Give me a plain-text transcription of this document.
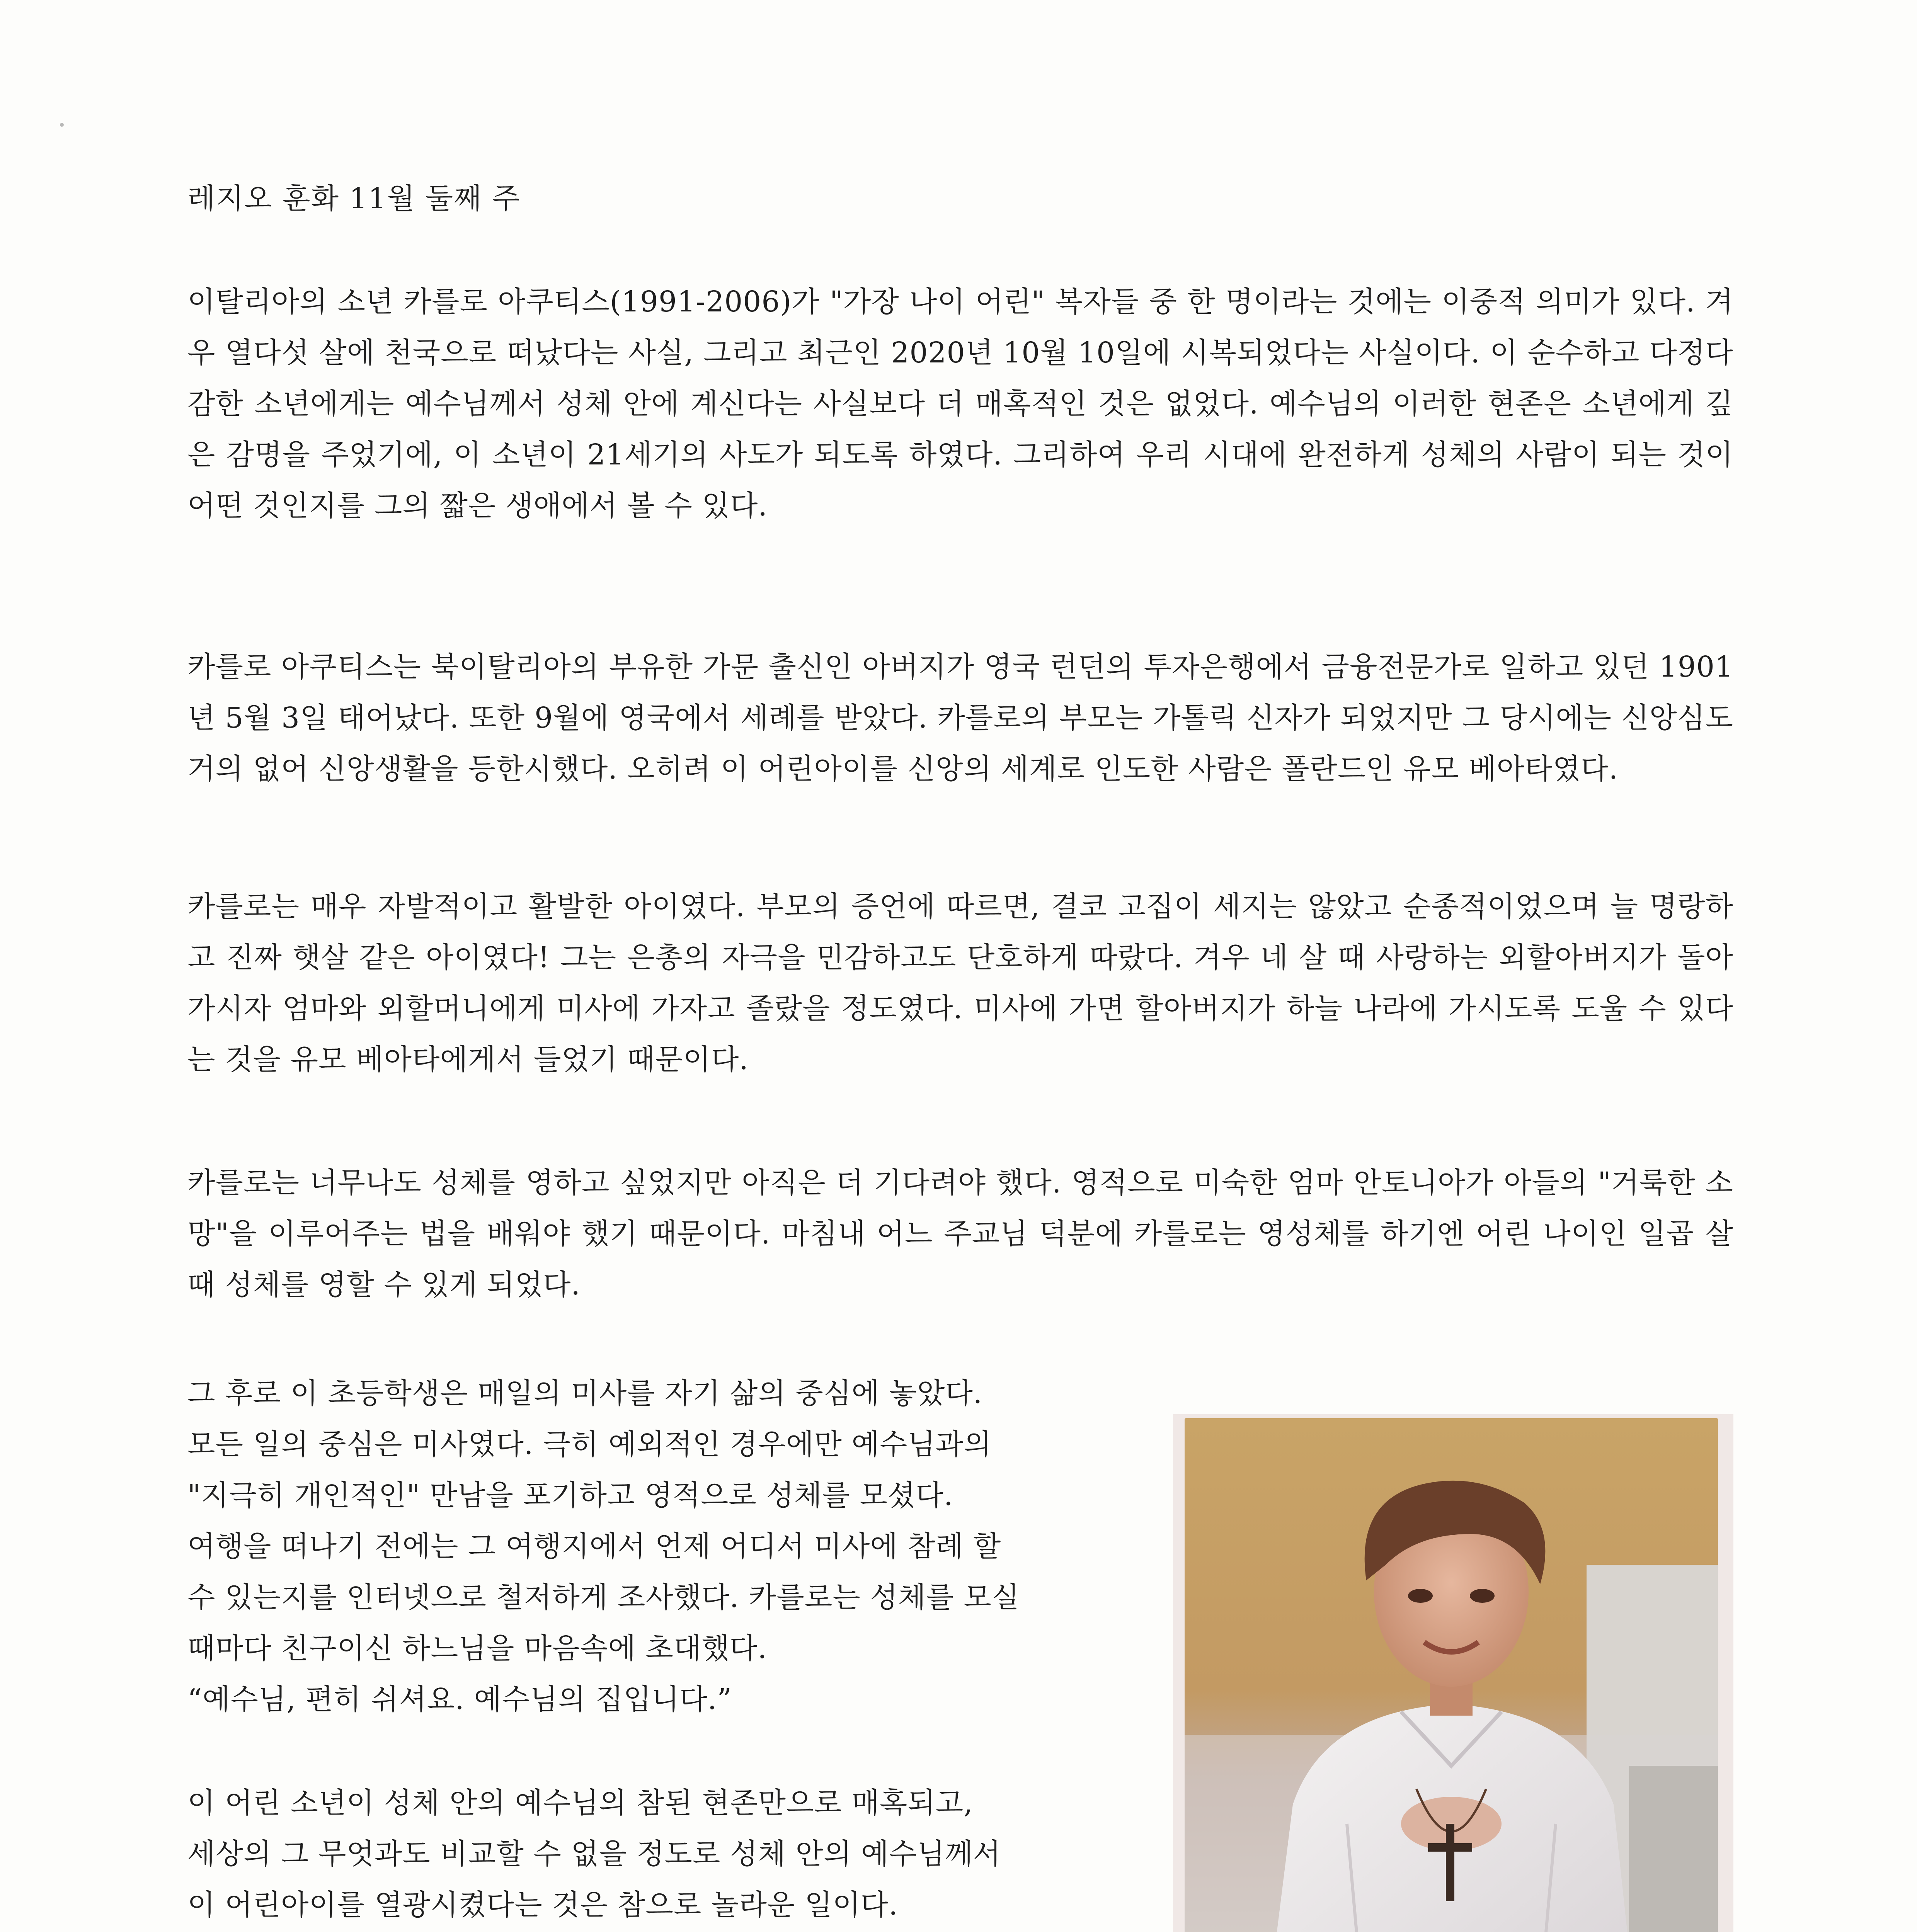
레지오 훈화 11월 둘째 주

이탈리아의 소년 카를로 아쿠티스(1991-2006)가 "가장 나이 어린" 복자들 중 한 명이라는 것에는 이중적 의미가 있다. 겨우 열다섯 살에 천국으로 떠났다는 사실, 그리고 최근인 2020년 10월 10일에 시복되었다는 사실이다. 이 순수하고 다정다감한 소년에게는 예수님께서 성체 안에 계신다는 사실보다 더 매혹적인 것은 없었다. 예수님의 이러한 현존은 소년에게 깊은 감명을 주었기에, 이 소년이 21세기의 사도가 되도록 하였다. 그리하여 우리 시대에 완전하게 성체의 사람이 되는 것이 어떤 것인지를 그의 짧은 생애에서 볼 수 있다.

카를로 아쿠티스는 북이탈리아의 부유한 가문 출신인 아버지가 영국 런던의 투자은행에서 금융전문가로 일하고 있던 1901년 5월 3일 태어났다. 또한 9월에 영국에서 세례를 받았다. 카를로의 부모는 가톨릭 신자가 되었지만 그 당시에는 신앙심도 거의 없어 신앙생활을 등한시했다. 오히려 이 어린아이를 신앙의 세계로 인도한 사람은 폴란드인 유모 베아타였다.

카를로는 매우 자발적이고 활발한 아이였다. 부모의 증언에 따르면, 결코 고집이 세지는 않았고 순종적이었으며 늘 명랑하고 진짜 햇살 같은 아이였다! 그는 은총의 자극을 민감하고도 단호하게 따랐다. 겨우 네 살 때 사랑하는 외할아버지가 돌아가시자 엄마와 외할머니에게 미사에 가자고 졸랐을 정도였다. 미사에 가면 할아버지가 하늘 나라에 가시도록 도울 수 있다는 것을 유모 베아타에게서 들었기 때문이다.

카를로는 너무나도 성체를 영하고 싶었지만 아직은 더 기다려야 했다. 영적으로 미숙한 엄마 안토니아가 아들의 "거룩한 소망"을 이루어주는 법을 배워야 했기 때문이다. 마침내 어느 주교님 덕분에 카를로는 영성체를 하기엔 어린 나이인 일곱 살 때 성체를 영할 수 있게 되었다.

그 후로 이 초등학생은 매일의 미사를 자기 삶의 중심에 놓았다.
모든 일의 중심은 미사였다. 극히 예외적인 경우에만 예수님과의
"지극히 개인적인" 만남을 포기하고 영적으로 성체를 모셨다.
여행을 떠나기 전에는 그 여행지에서 언제 어디서 미사에 참례 할
수 있는지를 인터넷으로 철저하게 조사했다. 카를로는 성체를 모실
때마다 친구이신 하느님을 마음속에 초대했다.
“예수님, 편히 쉬셔요. 예수님의 집입니다.”
이 어린 소년이 성체 안의 예수님의 참된 현존만으로 매혹되고,
세상의 그 무엇과도 비교할 수 없을 정도로 성체 안의 예수님께서
이 어린아이를 열광시켰다는 것은 참으로 놀라운 일이다.
